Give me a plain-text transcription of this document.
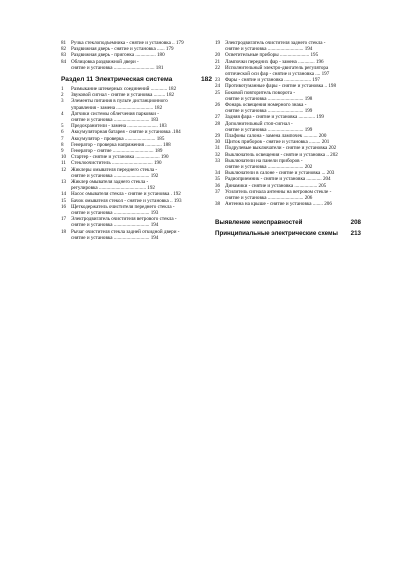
81 Ручка стеклоподъемника - снятие и установка .. 179
82 Раздвижная дверь - снятие и установка ...... 179
83 Раздвижная дверь - пригонка ................ 180
84 Облицовка раздвижной двери -
снятие и установка ................................ 181
182
Раздел 11 Электрическая система
1 Размыкание штекерных соединений ............. 182
2 Звуковой сигнал - снятие и установка ......... 182
3 Элементы питания в пульте дистанционного
управления - замена ............................. 182
4 Датчики системы облегчения парковки -
снятие и установка ............................ 183
5 Предохранители - замена ........................ 183
6 Аккумуляторная батарея - снятие и установка .184
7 Аккумулятор - проверка ........................ 185
8 Генератор - проверка напряжения ............. 188
9 Генератор - снятие ................................ 189
10 Стартер - снятие и установка ................... 190
11 Стеклоочиститель ................................ 190
12 Жиклеры омывателя переднего стекла -
снятие и установка ............................ 192
13 Жиклер омывателя заднего стекла -
регулировка ..................................... 192
14 Насос омывателя стекла - снятие и установка . 192
15 Бачок омывателя стекол - снятие и установка .. 193
16 Щеткодержатель очистителя переднего стекла -
снятие и установка ............................ 193
17 Электродвигатель очистителя ветрового стекла -
снятие и установка ............................ 194
18 Рычаг очистителя стекла задней откидной двери -
снятие и установка ............................ 194
19 Электродвигатель очистителя заднего стекла -
снятие и установка ............................ 194
20 Осветительные приборы ....................... 195
21 Лампочки передних фар - замена ............. 196
22 Исполнительный электро-двигатель регулятора
оптической оси фар - снятие и установка .... 197
23 Фары - снятие и установка ..................... 197
24 Противотуманные фары - снятие и установка .. 198
25 Боковой повторитель поворота -
снятие и установка ............................ 198
26 Фонарь освещения номерного знака -
снятие и установка ............................ 199
27 Задняя фара - снятие и установка ............. 199
28 Дополнительный стоп-сигнал -
снятие и установка ............................ 199
29 Плафоны салона - замена лампочек ........... 200
30 Щиток приборов - снятие и установка ......... 201
31 Подрулевые выключатели - снятие и установка 202
32 Выключатель освещения - снятие и установка .. 202
33 Выключатели на панели приборов -
снятие и установка ............................ 202
34 Выключатели в салоне - снятие и установка ... 203
35 Радиоприемник - снятие и установка ............ 204
36 Динамики - снятие и установка .................. 205
37 Усилитель сигнала антенны на ветровом стекле -
снятие и установка ............................ 206
38 Антенна на крыше - снятие и установка ........ 206
208
Выявление неисправностей
213
Принципиальные электрические схемы
